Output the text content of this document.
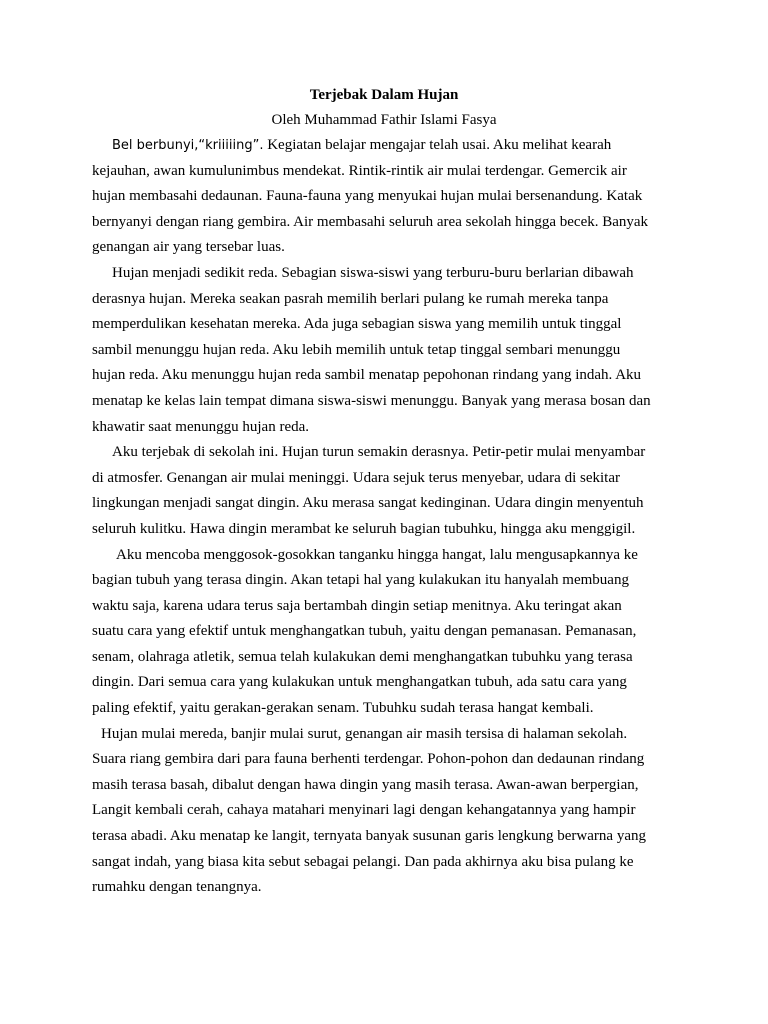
Terjebak Dalam Hujan

Oleh Muhammad Fathir Islami Fasya

Bel berbunyi,“kriiiiing”. Kegiatan belajar mengajar telah usai. Aku melihat kearah
kejauhan, awan kumulunimbus mendekat. Rintik-rintik air mulai terdengar. Gemercik air
hujan membasahi dedaunan. Fauna-fauna yang menyukai hujan mulai bersenandung. Katak
bernyanyi dengan riang gembira. Air membasahi seluruh area sekolah hingga becek. Banyak
genangan air yang tersebar luas.

Hujan menjadi sedikit reda. Sebagian siswa-siswi yang terburu-buru berlarian dibawah
derasnya hujan. Mereka seakan pasrah memilih berlari pulang ke rumah mereka tanpa
memperdulikan kesehatan mereka. Ada juga sebagian siswa yang memilih untuk tinggal
sambil menunggu hujan reda. Aku lebih memilih untuk tetap tinggal sembari menunggu
hujan reda. Aku menunggu hujan reda sambil menatap pepohonan rindang yang indah. Aku
menatap ke kelas lain tempat dimana siswa-siswi menunggu. Banyak yang merasa bosan dan
khawatir saat menunggu hujan reda.

Aku terjebak di sekolah ini. Hujan turun semakin derasnya. Petir-petir mulai menyambar
di atmosfer. Genangan air mulai meninggi. Udara sejuk terus menyebar, udara di sekitar
lingkungan menjadi sangat dingin. Aku merasa sangat kedinginan. Udara dingin menyentuh
seluruh kulitku. Hawa dingin merambat ke seluruh bagian tubuhku, hingga aku menggigil.

Aku mencoba menggosok-gosokkan tanganku hingga hangat, lalu mengusapkannya ke
bagian tubuh yang terasa dingin. Akan tetapi hal yang kulakukan itu hanyalah membuang
waktu saja, karena udara terus saja bertambah dingin setiap menitnya. Aku teringat akan
suatu cara yang efektif untuk menghangatkan tubuh, yaitu dengan pemanasan. Pemanasan,
senam, olahraga atletik, semua telah kulakukan demi menghangatkan tubuhku yang terasa
dingin. Dari semua cara yang kulakukan untuk menghangatkan tubuh, ada satu cara yang
paling efektif, yaitu gerakan-gerakan senam. Tubuhku sudah terasa hangat kembali.

Hujan mulai mereda, banjir mulai surut, genangan air masih tersisa di halaman sekolah.
Suara riang gembira dari para fauna berhenti terdengar. Pohon-pohon dan dedaunan rindang
masih terasa basah, dibalut dengan hawa dingin yang masih terasa. Awan-awan berpergian,
Langit kembali cerah, cahaya matahari menyinari lagi dengan kehangatannya yang hampir
terasa abadi. Aku menatap ke langit, ternyata banyak susunan garis lengkung berwarna yang
sangat indah, yang biasa kita sebut sebagai pelangi. Dan pada akhirnya aku bisa pulang ke
rumahku dengan tenangnya.
